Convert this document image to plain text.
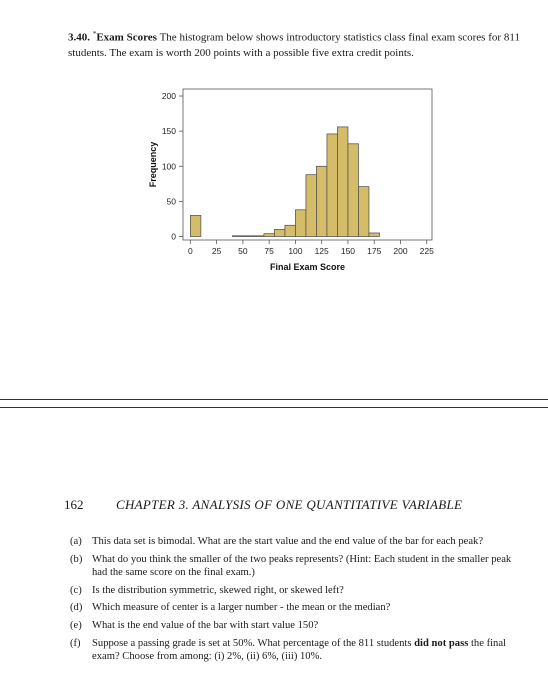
3.40. *Exam Scores The histogram below shows introductory statistics class final exam scores for 811 students. The exam is worth 200 points with a possible five extra credit points.
0
50
100
150
200
0 25 50 75 100 125 150 175 200 225
Final Exam Score
Frequency
162	CHAPTER 3. ANALYSIS OF ONE QUANTITATIVE VARIABLE
(a) This data set is bimodal. What are the start value and the end value of the bar for each peak?
(b) What do you think the smaller of the two peaks represents? (Hint: Each student in the smaller peak had the same score on the final exam.)
(c) Is the distribution symmetric, skewed right, or skewed left?
(d) Which measure of center is a larger number - the mean or the median?
(e) What is the end value of the bar with start value 150?
(f) Suppose a passing grade is set at 50%. What percentage of the 811 students did not pass the final exam? Choose from among: (i) 2%, (ii) 6%, (iii) 10%.
